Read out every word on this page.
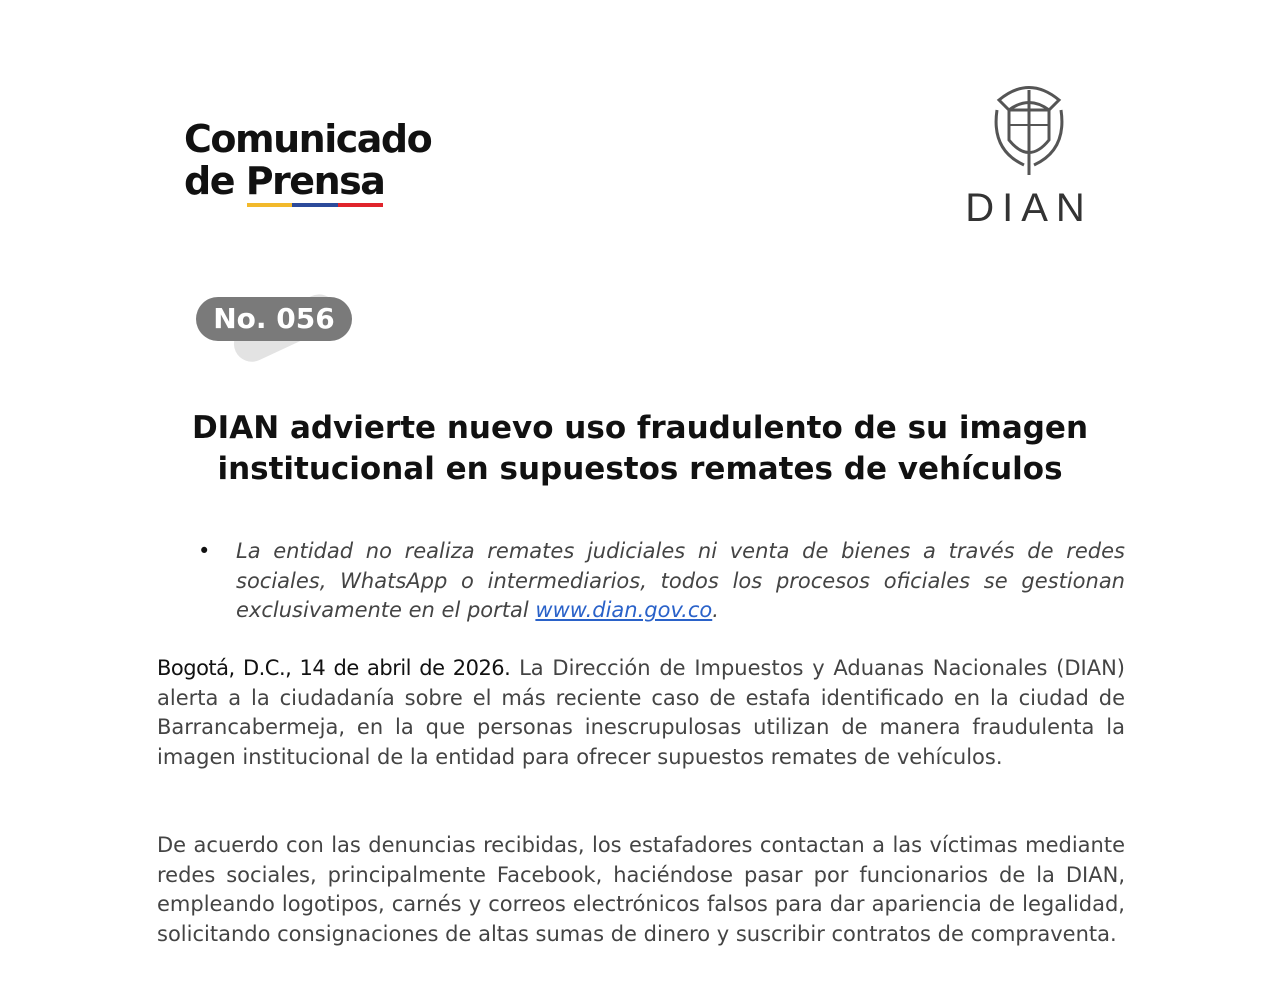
Comunicado
de Prensa
DIAN
No. 056
DIAN advierte nuevo uso fraudulento de su imagen
institucional en supuestos remates de vehículos
• La entidad no realiza remates judiciales ni venta de bienes a través de redes sociales, WhatsApp o intermediarios, todos los procesos oficiales se gestionan exclusivamente en el portal www.dian.gov.co.
Bogotá, D.C., 14 de abril de 2026. La Dirección de Impuestos y Aduanas Nacionales (DIAN) alerta a la ciudadanía sobre el más reciente caso de estafa identificado en la ciudad de Barrancabermeja, en la que personas inescrupulosas utilizan de manera fraudulenta la imagen institucional de la entidad para ofrecer supuestos remates de vehículos.
De acuerdo con las denuncias recibidas, los estafadores contactan a las víctimas mediante redes sociales, principalmente Facebook, haciéndose pasar por funcionarios de la DIAN, empleando logotipos, carnés y correos electrónicos falsos para dar apariencia de legalidad, solicitando consignaciones de altas sumas de dinero y suscribir contratos de compraventa.
